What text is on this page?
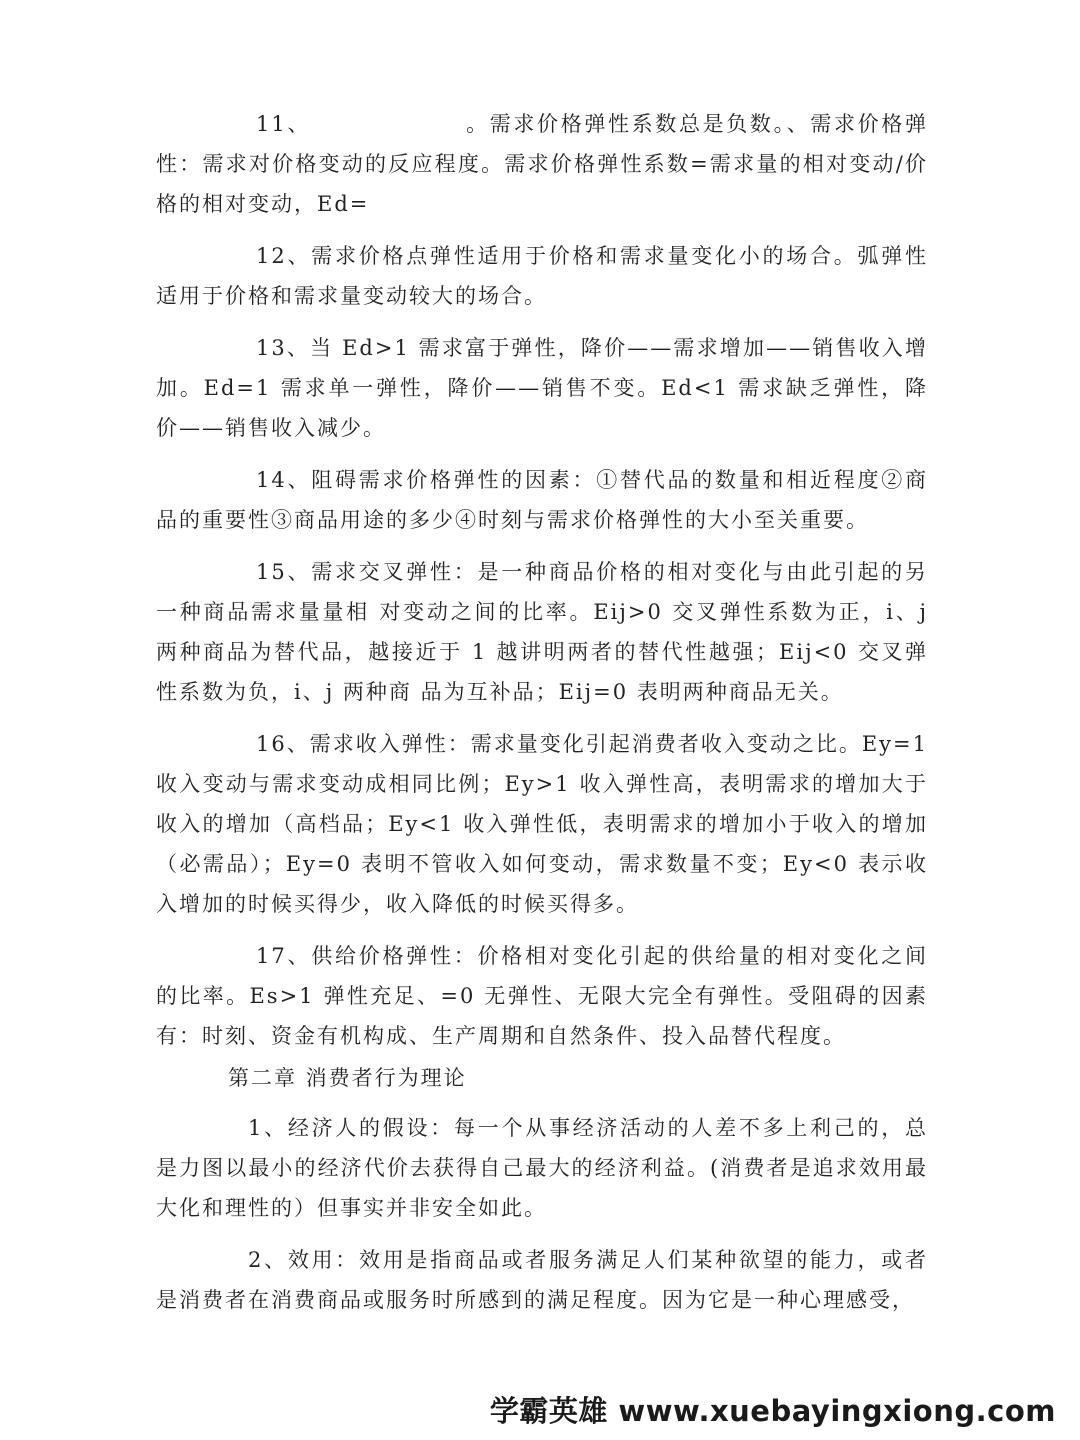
11、　　　　　　　。需求价格弹性系数总是负数。、需求价格弹性：需求对价格变动的反应程度。需求价格弹性系数=需求量的相对变动/价格的相对变动，Ed=

12、需求价格点弹性适用于价格和需求量变化小的场合。弧弹性适用于价格和需求量变动较大的场合。

13、当 Ed>1 需求富于弹性，降价——需求增加——销售收入增加。Ed=1 需求单一弹性，降价——销售不变。Ed<1 需求缺乏弹性，降价——销售收入减少。

14、阻碍需求价格弹性的因素：①替代品的数量和相近程度②商品的重要性③商品用途的多少④时刻与需求价格弹性的大小至关重要。

15、需求交叉弹性：是一种商品价格的相对变化与由此引起的另一种商品需求量量相 对变动之间的比率。Eij>0 交叉弹性系数为正，i、j 两种商品为替代品，越接近于 1 越讲明两者的替代性越强；Eij<0 交叉弹性系数为负，i、j 两种商 品为互补品；Eij=0 表明两种商品无关。

16、需求收入弹性：需求量变化引起消费者收入变动之比。Ey=1 收入变动与需求变动成相同比例；Ey>1 收入弹性高，表明需求的增加大于收入的增加（高档品；Ey<1 收入弹性低，表明需求的增加小于收入的增加（必需品）；Ey=0 表明不管收入如何变动，需求数量不变；Ey<0 表示收入增加的时候买得少，收入降低的时候买得多。

17、供给价格弹性：价格相对变化引起的供给量的相对变化之间的比率。Es>1 弹性充足、=0 无弹性、无限大完全有弹性。受阻碍的因素有：时刻、资金有机构成、生产周期和自然条件、投入品替代程度。

第二章 消费者行为理论

1、经济人的假设：每一个从事经济活动的人差不多上利己的，总是力图以最小的经济代价去获得自己最大的经济利益。(消费者是追求效用最大化和理性的）但事实并非安全如此。

2、效用：效用是指商品或者服务满足人们某种欲望的能力，或者是消费者在消费商品或服务时所感到的满足程度。因为它是一种心理感受，

学霸英雄 www.xuebayingxiong.com
